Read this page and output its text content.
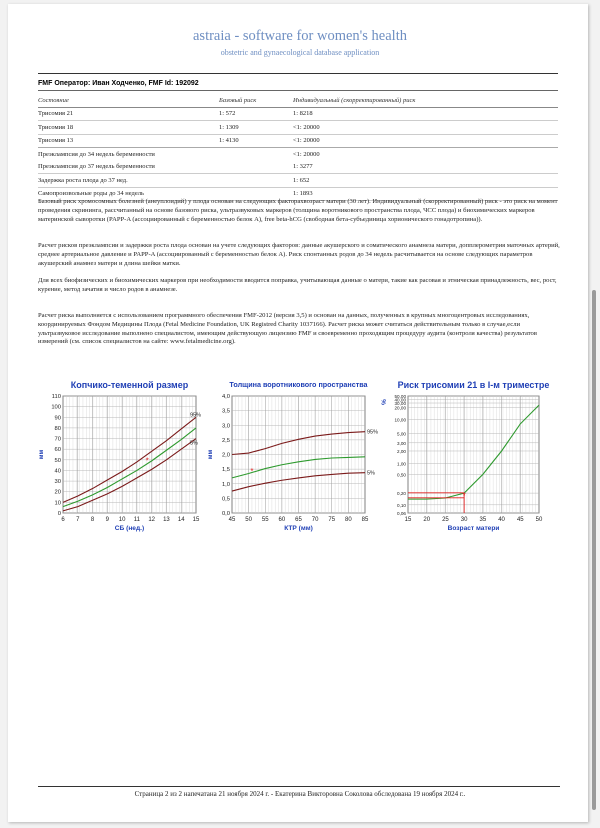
astraia - software for women's health
obstetric and gynaecological database application
FMF Оператор: Иван Ходченко, FMF Id: 192092
Состояние	Базовый риск	Индивидуальный (скорректированный) риск
Трисомия 21	1: 572	1: 8218
Трисомия 18	1: 1309	<1: 20000
Трисомия 13	1: 4130	<1: 20000
Преэклампсия до 34 недель беременности		<1: 20000
Преэклампсия до 37 недель беременности		1: 3277
Задержка роста плода до 37 нед.		1: 652
Самопроизвольные роды до 34 недель		1: 1893
Базовый риск хромосомных болезней (анеуплоидий) у плода основан на следующих факторахвозраст матери (30 лет). Индивидуальный (скорректированный) риск - это риск на момент проведения скрининга, рассчитанный на основе базового риска, ультразвуковых маркеров (толщина воротникового пространства плода, ЧСС плода) и биохимических маркеров материнской сыворотки (PAPP-A (ассоциированный с беременностью белок А), free beta-hCG (свободная бета-субъединица хорионического гонадотропина)).
Расчет рисков преэклампсии и задержки роста плода основан на учете следующих факторов: данные акушерского и соматического анамнеза матери, допплерометрия маточных артерий, среднее артериальное давление и PAPP-A (ассоциированный с беременностью белок A). Риск спонтанных родов до 34 недель расчитывается на основе следующих параметров акушерский анамнез матери и длина шейки матки.
Для всех биофизических и биохимических маркеров при необходимости вводится поправка, учитывающая данные о матери, такие как расовая и этническая принадлежность, вес, рост, курение, метод зачатия и число родов в анамнезе.
Расчет риска выполняется с использованием программного обеспечения FMF-2012 (версия 3,5) и основан на данных, полученных в крупных многоцентровых исследованиях, координируемых Фондом Медицины Плода (Fetal Medicine Foundation, UK Registred Charity 1037166). Расчет риска может считаться действительным только в случае,если ультразвуковое исследование выполнено специалистом, имеющим действующую лицензию FMF и своевременно проходящим процедуру аудита (контроля качества) результатов измерений (см. список специалистов на сайте: www.fetalmedicine.org).
Копчико-теменной размер
0
10
20
30
40
50
60
70
80
90
100
110
6 7 8 9 10 11 12 13 14 15
СБ (нед.)
мм
95%
5%
*
Толщина воротникового пространства
0,0
0,5
1,0
1,5
2,0
2,5
3,0
3,5
4,0
45 50 55 60 65 70 75 80 85
КТР (мм)
мм
95%
5%
*
Риск трисомии 21 в I-м триместре
0,06
0,10
0,20
0,50
1,00
2,00
3,00
5,00
10,00
20,00
30,00
40,00
50,00
15 20 25 30 35 40 45 50
Возраст матери
%
*
Страница 2 из 2 напечатана 21 ноября 2024 г. - Екатерина Викторовна Соколова обследована 19 ноября 2024 г..
